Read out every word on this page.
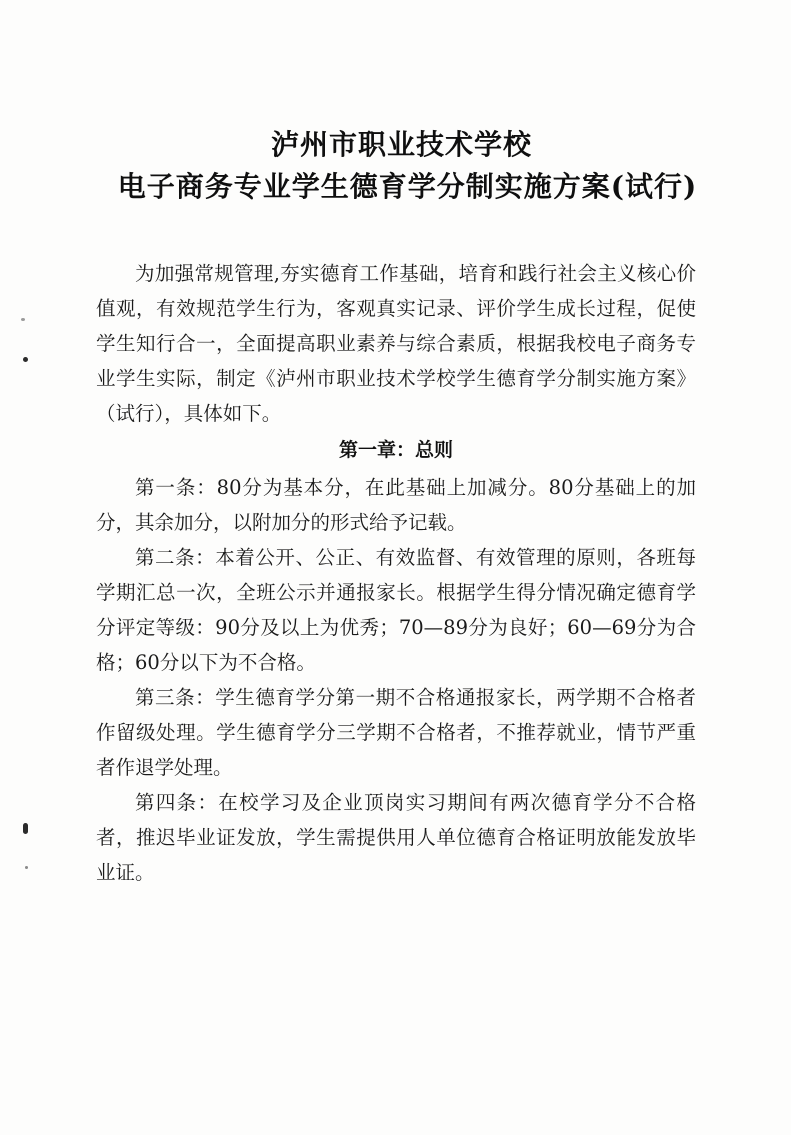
泸州市职业技术学校
电子商务专业学生德育学分制实施方案(试行)

为加强常规管理,夯实德育工作基础，培育和践行社会主义核心价值观，有效规范学生行为，客观真实记录、评价学生成长过程，促使学生知行合一，全面提高职业素养与综合素质，根据我校电子商务专业学生实际，制定《泸州市职业技术学校学生德育学分制实施方案》（试行），具体如下。

第一章：总则

第一条：80分为基本分，在此基础上加减分。80分基础上的加分，其余加分，以附加分的形式给予记载。

第二条：本着公开、公正、有效监督、有效管理的原则，各班每学期汇总一次，全班公示并通报家长。根据学生得分情况确定德育学分评定等级：90分及以上为优秀；70—89分为良好；60—69分为合格；60分以下为不合格。

第三条：学生德育学分第一期不合格通报家长，两学期不合格者作留级处理。学生德育学分三学期不合格者，不推荐就业，情节严重者作退学处理。

第四条：在校学习及企业顶岗实习期间有两次德育学分不合格者，推迟毕业证发放，学生需提供用人单位德育合格证明放能发放毕业证。
